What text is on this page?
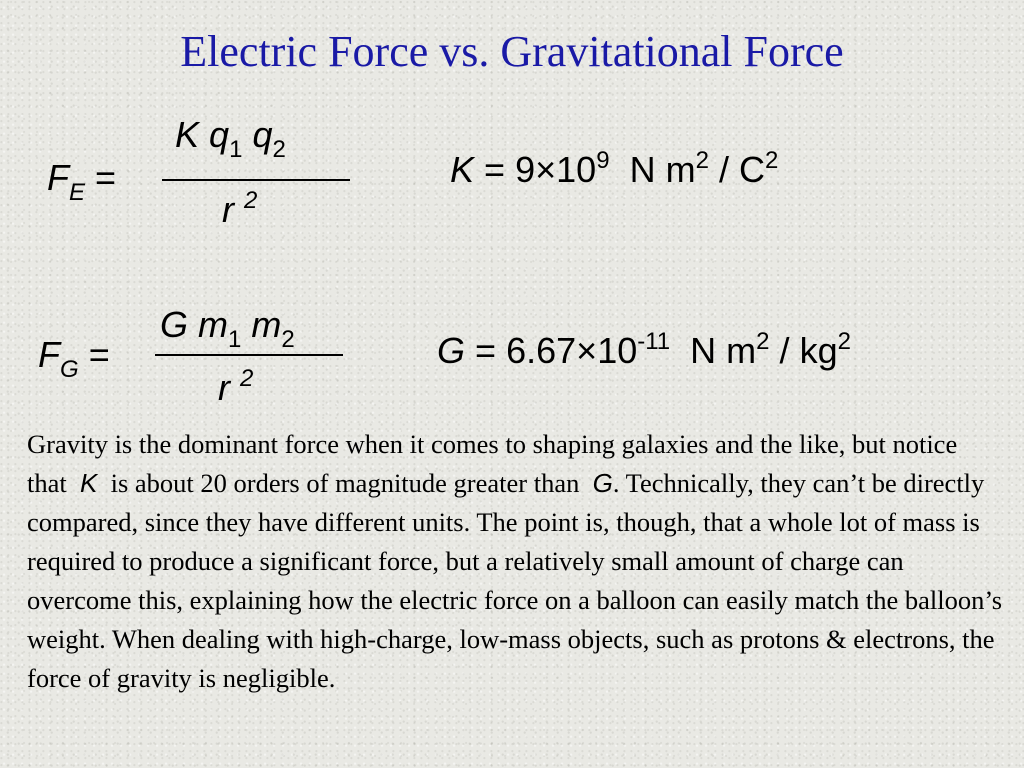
Electric Force vs. Gravitational Force
$F_E$ =
K $q_1$ $q_2$
r $^2$
$K = 9\times 10^9$ N $m^2 / C^2$
$F_G$ =
G $m_1$ $m_2$
r $^2$
$G = 6.67\times 10^{-11}$ N $m^2 / kg^2$
Gravity is the dominant force when it comes to shaping galaxies and the like, but notice that K is about 20 orders of magnitude greater than G. Technically, they can’t be directly compared, since they have different units. The point is, though, that a whole lot of mass is required to produce a significant force, but a relatively small amount of charge can overcome this, explaining how the electric force on a balloon can easily match the balloon’s weight. When dealing with high-charge, low-mass objects, such as protons & electrons, the force of gravity is negligible.
